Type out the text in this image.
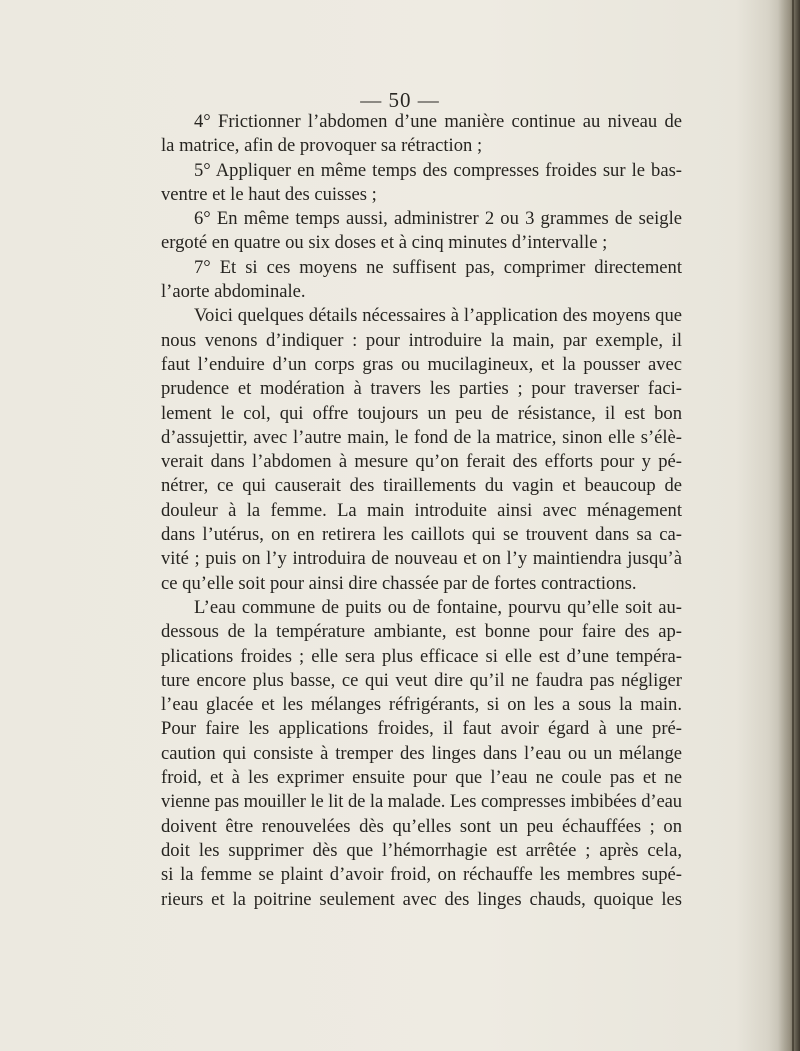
— 50 —
4° Frictionner l’abdomen d’une manière continue au niveau de
la matrice, afin de provoquer sa rétraction ;
5° Appliquer en même temps des compresses froides sur le bas-
ventre et le haut des cuisses ;
6° En même temps aussi, administrer 2 ou 3 grammes de seigle
ergoté en quatre ou six doses et à cinq minutes d’intervalle ;
7° Et si ces moyens ne suffisent pas, comprimer directement
l’aorte abdominale.
Voici quelques détails nécessaires à l’application des moyens que
nous venons d’indiquer : pour introduire la main, par exemple, il
faut l’enduire d’un corps gras ou mucilagineux, et la pousser avec
prudence et modération à travers les parties ; pour traverser faci-
lement le col, qui offre toujours un peu de résistance, il est bon
d’assujettir, avec l’autre main, le fond de la matrice, sinon elle s’élè-
verait dans l’abdomen à mesure qu’on ferait des efforts pour y pé-
nétrer, ce qui causerait des tiraillements du vagin et beaucoup de
douleur à la femme. La main introduite ainsi avec ménagement
dans l’utérus, on en retirera les caillots qui se trouvent dans sa ca-
vité ; puis on l’y introduira de nouveau et on l’y maintiendra jusqu’à
ce qu’elle soit pour ainsi dire chassée par de fortes contractions.
L’eau commune de puits ou de fontaine, pourvu qu’elle soit au-
dessous de la température ambiante, est bonne pour faire des ap-
plications froides ; elle sera plus efficace si elle est d’une tempéra-
ture encore plus basse, ce qui veut dire qu’il ne faudra pas négliger
l’eau glacée et les mélanges réfrigérants, si on les a sous la main.
Pour faire les applications froides, il faut avoir égard à une pré-
caution qui consiste à tremper des linges dans l’eau ou un mélange
froid, et à les exprimer ensuite pour que l’eau ne coule pas et ne
vienne pas mouiller le lit de la malade. Les compresses imbibées d’eau
doivent être renouvelées dès qu’elles sont un peu échauffées ; on
doit les supprimer dès que l’hémorrhagie est arrêtée ; après cela,
si la femme se plaint d’avoir froid, on réchauffe les membres supé-
rieurs et la poitrine seulement avec des linges chauds, quoique les
